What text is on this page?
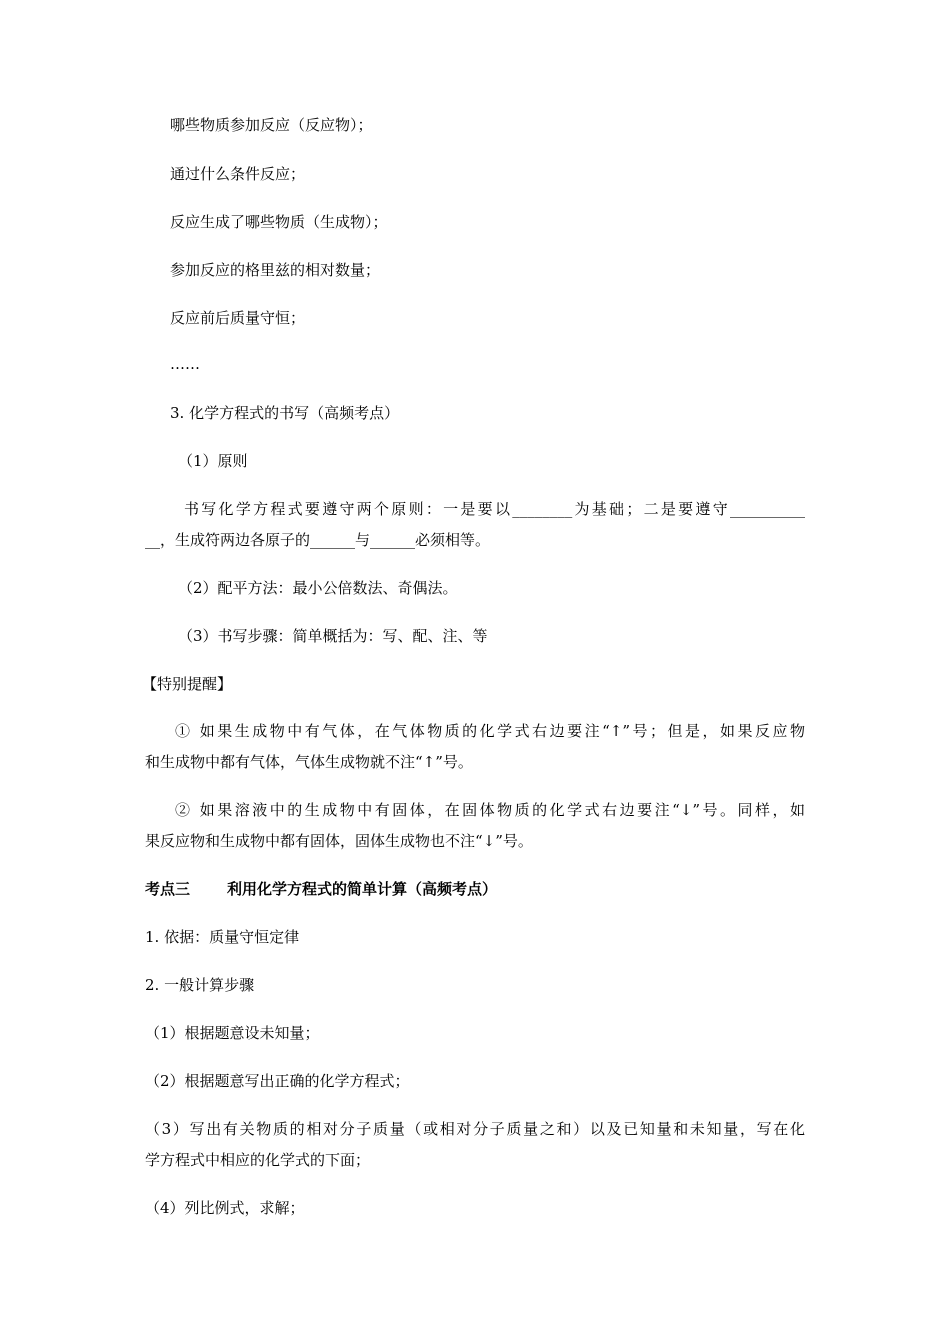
哪些物质参加反应（反应物）；
通过什么条件反应；
反应生成了哪些物质（生成物）；
参加反应的格里兹的相对数量；
反应前后质量守恒；
……
3. 化学方程式的书写（高频考点）
（1）原则
书写化学方程式要遵守两个原则：一是要以________为基础；二是要遵守__________
__，生成符两边各原子的______与______必须相等。
（2）配平方法：最小公倍数法、奇偶法。
（3）书写步骤：简单概括为：写、配、注、等
【特别提醒】
① 如果生成物中有气体，在气体物质的化学式右边要注“↑”号；但是，如果反应物
和生成物中都有气体，气体生成物就不注“↑”号。
② 如果溶液中的生成物中有固体，在固体物质的化学式右边要注“↓”号。同样，如
果反应物和生成物中都有固体，固体生成物也不注“↓”号。
考点三 利用化学方程式的简单计算（高频考点）
1. 依据：质量守恒定律
2. 一般计算步骤
（1）根据题意设未知量；
（2）根据题意写出正确的化学方程式；
（3）写出有关物质的相对分子质量（或相对分子质量之和）以及已知量和未知量，写在化
学方程式中相应的化学式的下面；
（4）列比例式，求解；
